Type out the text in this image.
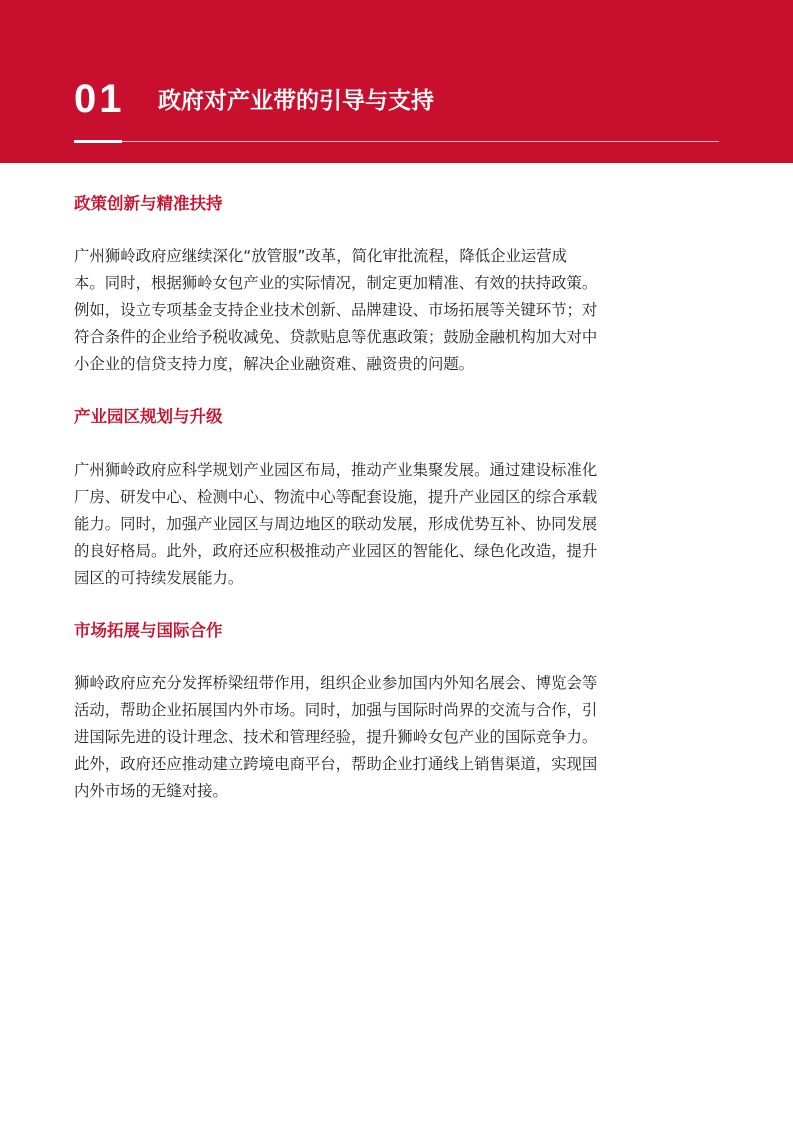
01 政府对产业带的引导与支持
政策创新与精准扶持

广州狮岭政府应继续深化“放管服”改革，简化审批流程，降低企业运营成
本。同时，根据狮岭女包产业的实际情况，制定更加精准、有效的扶持政策。
例如，设立专项基金支持企业技术创新、品牌建设、市场拓展等关键环节；对
符合条件的企业给予税收减免、贷款贴息等优惠政策；鼓励金融机构加大对中
小企业的信贷支持力度，解决企业融资难、融资贵的问题。

产业园区规划与升级

广州狮岭政府应科学规划产业园区布局，推动产业集聚发展。通过建设标准化
厂房、研发中心、检测中心、物流中心等配套设施，提升产业园区的综合承载
能力。同时，加强产业园区与周边地区的联动发展，形成优势互补、协同发展
的良好格局。此外，政府还应积极推动产业园区的智能化、绿色化改造，提升
园区的可持续发展能力。

市场拓展与国际合作

狮岭政府应充分发挥桥梁纽带作用，组织企业参加国内外知名展会、博览会等
活动，帮助企业拓展国内外市场。同时，加强与国际时尚界的交流与合作，引
进国际先进的设计理念、技术和管理经验，提升狮岭女包产业的国际竞争力。
此外，政府还应推动建立跨境电商平台，帮助企业打通线上销售渠道，实现国
内外市场的无缝对接。
